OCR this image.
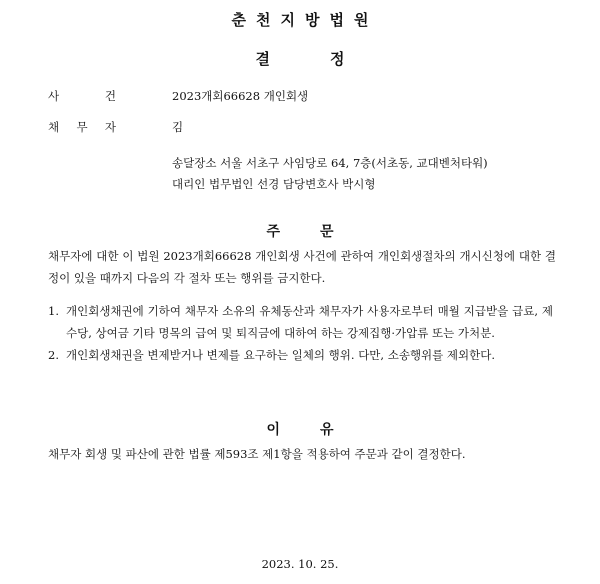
춘천지방법원
결정
사	건	2023개회66628 개인회생
채 무 자	김
송달장소 서울 서초구 사임당로 64, 7층(서초동, 교대벤처타워)
대리인 법무법인 선경 담당변호사 박시형
주문
채무자에 대한 이 법원 2023개회66628 개인회생 사건에 관하여 개인회생절차의 개시신청에 대한 결정이 있을 때까지 다음의 각 절차 또는 행위를 금지한다.
1. 개인회생채권에 기하여 채무자 소유의 유체동산과 채무자가 사용자로부터 매월 지급받을 급료, 제수당, 상여금 기타 명목의 급여 및 퇴직금에 대하여 하는 강제집행·가압류 또는 가처분.
2. 개인회생채권을 변제받거나 변제를 요구하는 일체의 행위. 다만, 소송행위를 제외한다.
이유
채무자 회생 및 파산에 관한 법률 제593조 제1항을 적용하여 주문과 같이 결정한다.
2023. 10. 25.
